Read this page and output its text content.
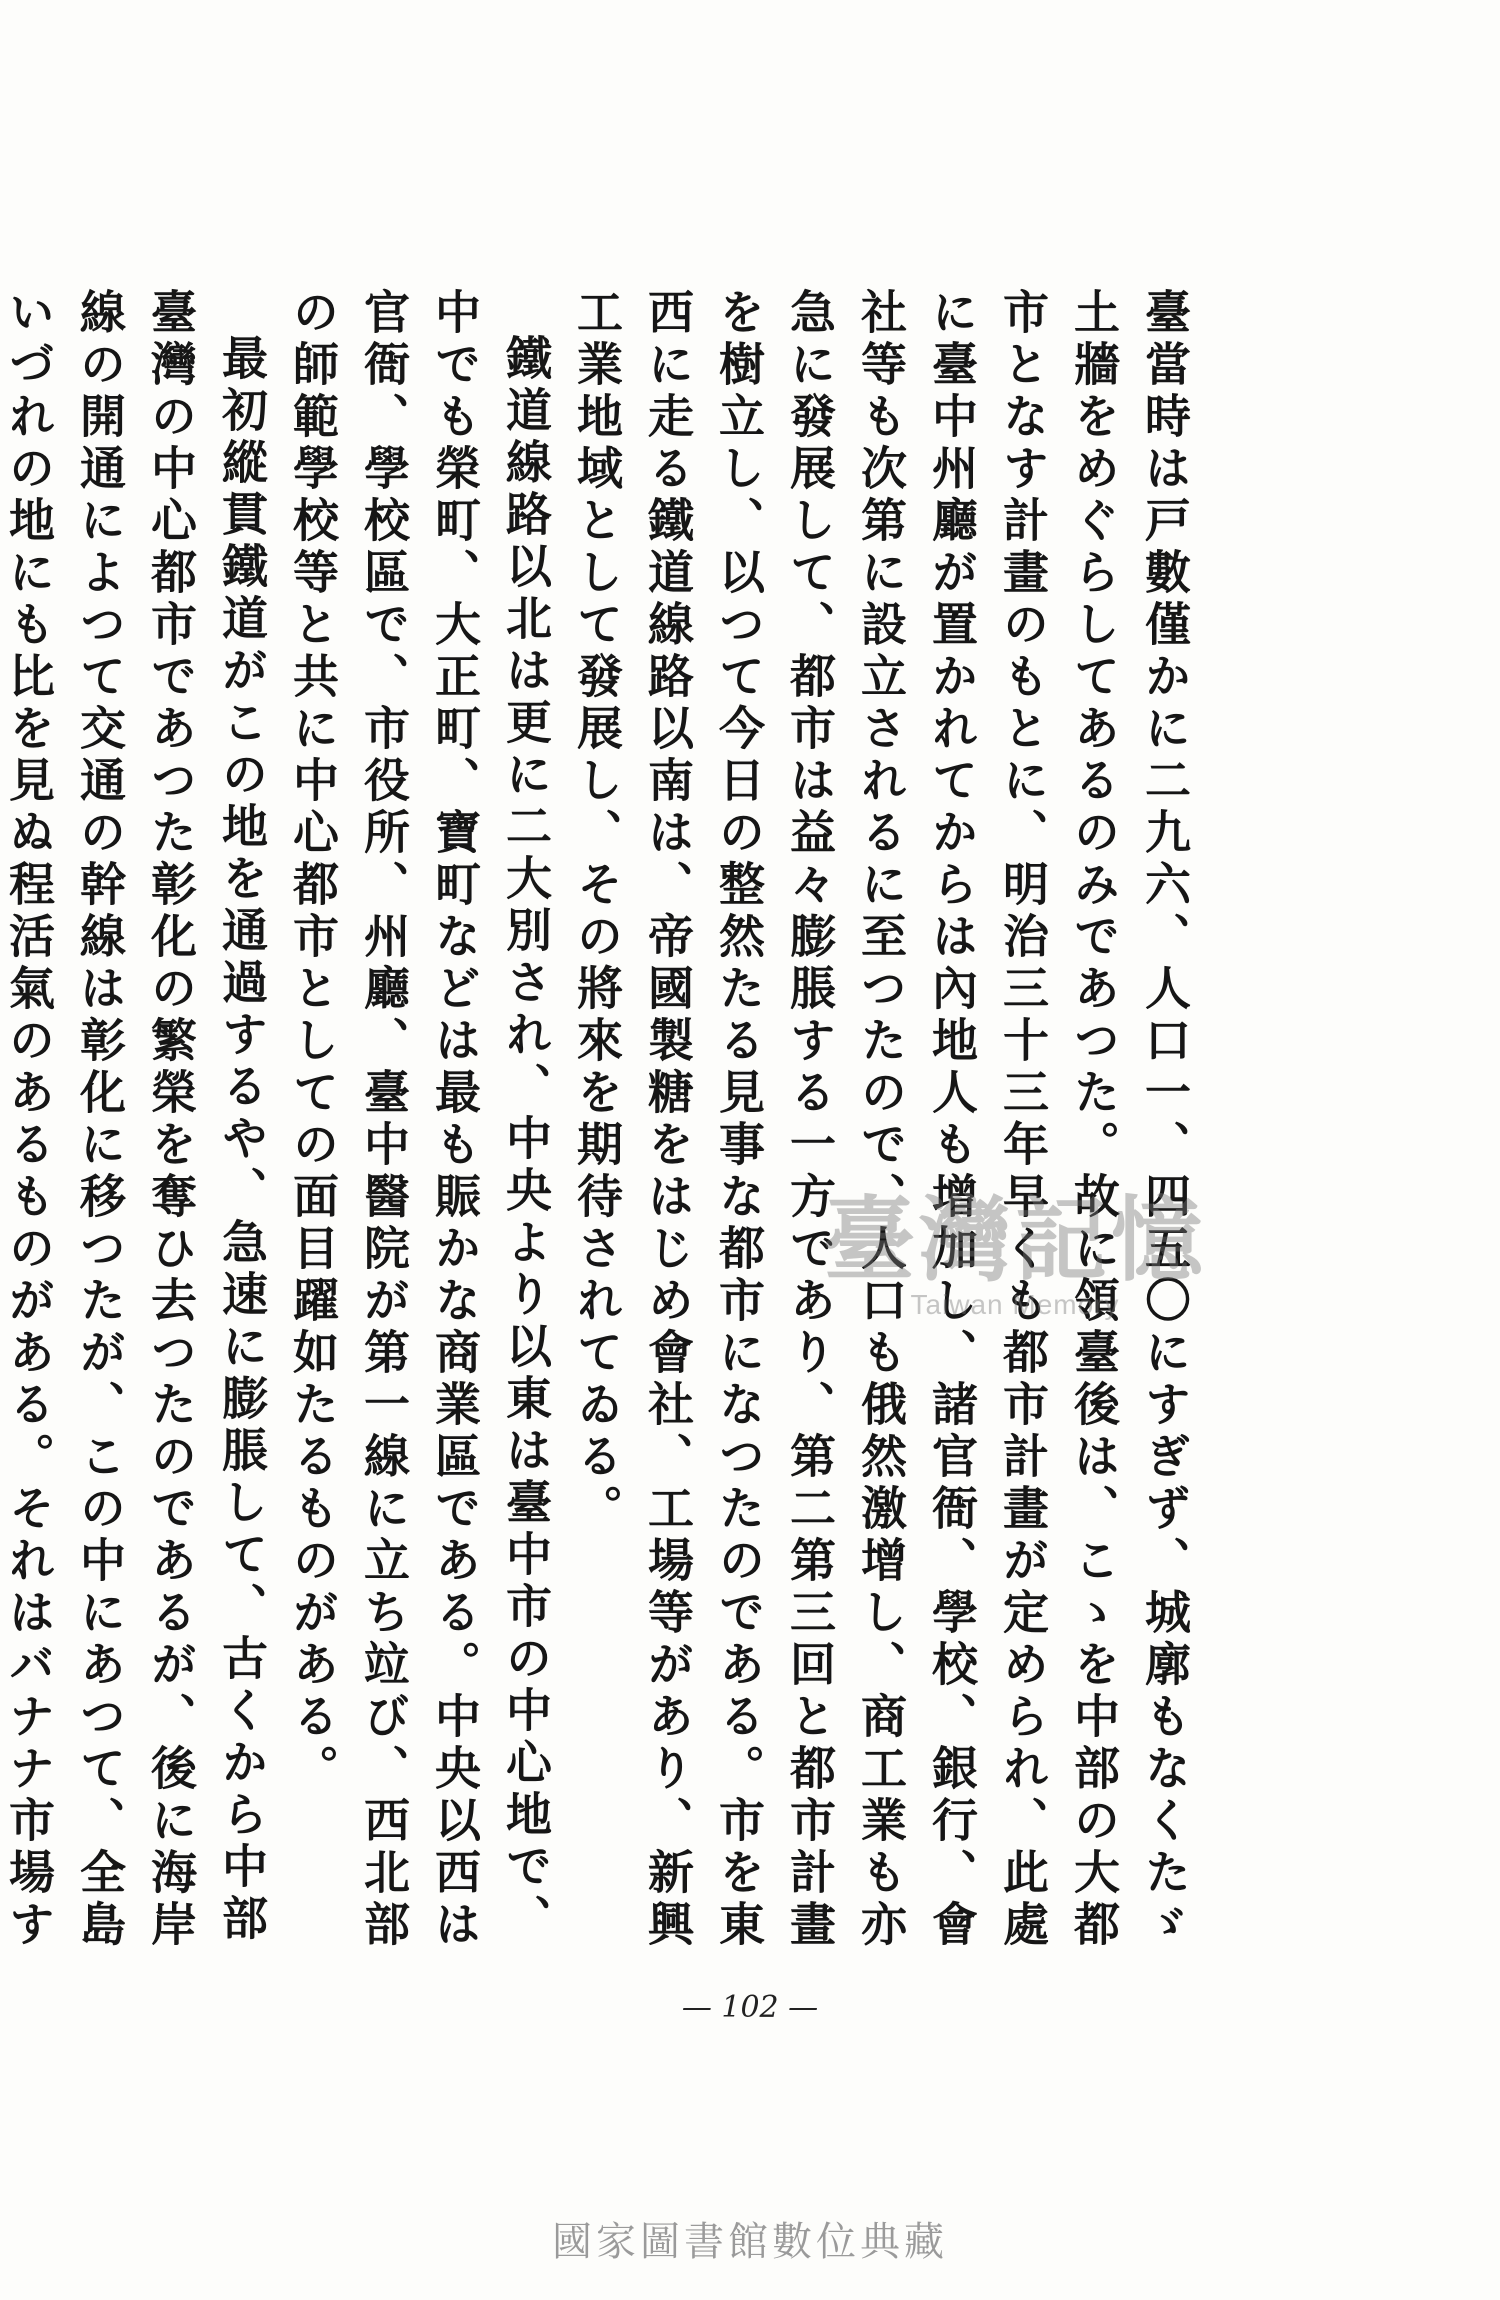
臺當時は戸數僅かに二九六、人口一、四五〇にすぎず、城廓もなくたゞ土牆をめぐらしてあるのみであつた。故に領臺後は、こゝを中部の大都市となす計畫のもとに、明治三十三年早くも都市計畫が定められ、此處に臺中州廳が置かれてからは內地人も增加し、諸官衙、學校、銀行、會社等も次第に設立されるに至つたので、人口も俄然激增し、商工業も亦急に發展して、都市は益々膨脹する一方であり、第二第三回と都市計畫を樹立し、以つて今日の整然たる見事な都市になつたのである。市を東西に走る鐵道線路以南は、帝國製糖をはじめ會社、工場等があり、新興工業地域として發展し、その將來を期待されてゐる。

鐵道線路以北は更に二大別され、中央より以東は臺中市の中心地で、中でも榮町、大正町、寶町などは最も賑かな商業區である。中央以西は官衙、學校區で、市役所、州廳、臺中醫院が第一線に立ち竝び、西北部の師範學校等と共に中心都市としての面目躍如たるものがある。

最初縱貫鐵道がこの地を通過するや、急速に膨脹して、古くから中部臺灣の中心都市であつた彰化の繁榮を奪ひ去つたのであるが、後に海岸線の開通によつて交通の幹線は彰化に移つたが、この中にあつて、全島いづれの地にも比を見ぬ程活氣のあるものがある。それはバナナ市場す

臺灣記憶
Taiwan Memory
— 102 —
國家圖書館數位典藏
